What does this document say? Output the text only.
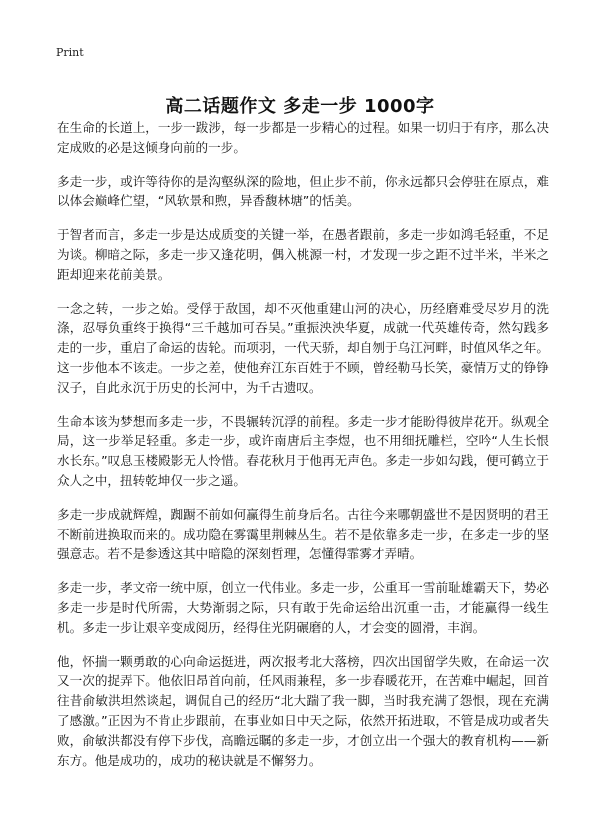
Print
高二话题作文 多走一步 1000字

在生命的长道上，一步一跋涉，每一步都是一步精心的过程。如果一切归于有序，那么决定成败的必是这倾身向前的一步。

多走一步，或许等待你的是沟壑纵深的险地，但止步不前，你永远都只会停驻在原点，难以体会巅峰伫望，“风软景和煦，异香馥林塘”的恬美。

于智者而言，多走一步是达成质变的关键一举，在愚者跟前，多走一步如鸿毛轻重，不足为谈。柳暗之际，多走一步又逢花明，偶入桃源一村，才发现一步之距不过半米，半米之距却迎来花前美景。

一念之转，一步之始。受俘于敌国，却不灭他重建山河的决心，历经磨难受尽岁月的洗涤，忍辱负重终于换得“三千越加可吞吴。”重振泱泱华夏，成就一代英雄传奇，然勾践多走的一步，重启了命运的齿轮。而项羽，一代天骄，却自刎于乌江河畔，时值风华之年。这一步他本不该走。一步之差，使他弃江东百姓于不顾，曾经勒马长笑，豪情万丈的铮铮汉子，自此永沉于历史的长河中，为千古遗叹。

生命本该为梦想而多走一步，不畏辗转沉浮的前程。多走一步才能盼得彼岸花开。纵观全局，这一步举足轻重。多走一步，或许南唐后主李煜，也不用细抚雕栏，空吟“人生长恨水长东。”叹息玉楼殿影无人怜惜。春花秋月于他再无声色。多走一步如勾践，便可鹤立于众人之中，扭转乾坤仅一步之遥。

多走一步成就辉煌，踟蹰不前如何赢得生前身后名。古往今来哪朝盛世不是因贤明的君王不断前进换取而来的。成功隐在雾霭里荆棘丛生。若不是依靠多走一步，在多走一步的坚强意志。若不是参透这其中暗隐的深刻哲理，怎懂得霏雾才弄晴。

多走一步，孝文帝一统中原，创立一代伟业。多走一步，公重耳一雪前耻雄霸天下，势必多走一步是时代所需，大势渐弱之际，只有敢于先命运给出沉重一击，才能赢得一线生机。多走一步让艰辛变成阅历，经得住光阴碾磨的人，才会变的圆滑，丰润。

他，怀揣一颗勇敢的心向命运挺进，两次报考北大落榜，四次出国留学失败，在命运一次又一次的捉弄下。他依旧昂首向前，任风雨兼程，多一步春暖花开，在苦难中崛起，回首往昔俞敏洪坦然谈起，调侃自己的经历“北大踹了我一脚，当时我充满了怨恨，现在充满了感激。”正因为不肯止步跟前，在事业如日中天之际，依然开拓进取，不管是成功或者失败，俞敏洪都没有停下步伐，高瞻远瞩的多走一步，才创立出一个强大的教育机构——新东方。他是成功的，成功的秘诀就是不懈努力。
